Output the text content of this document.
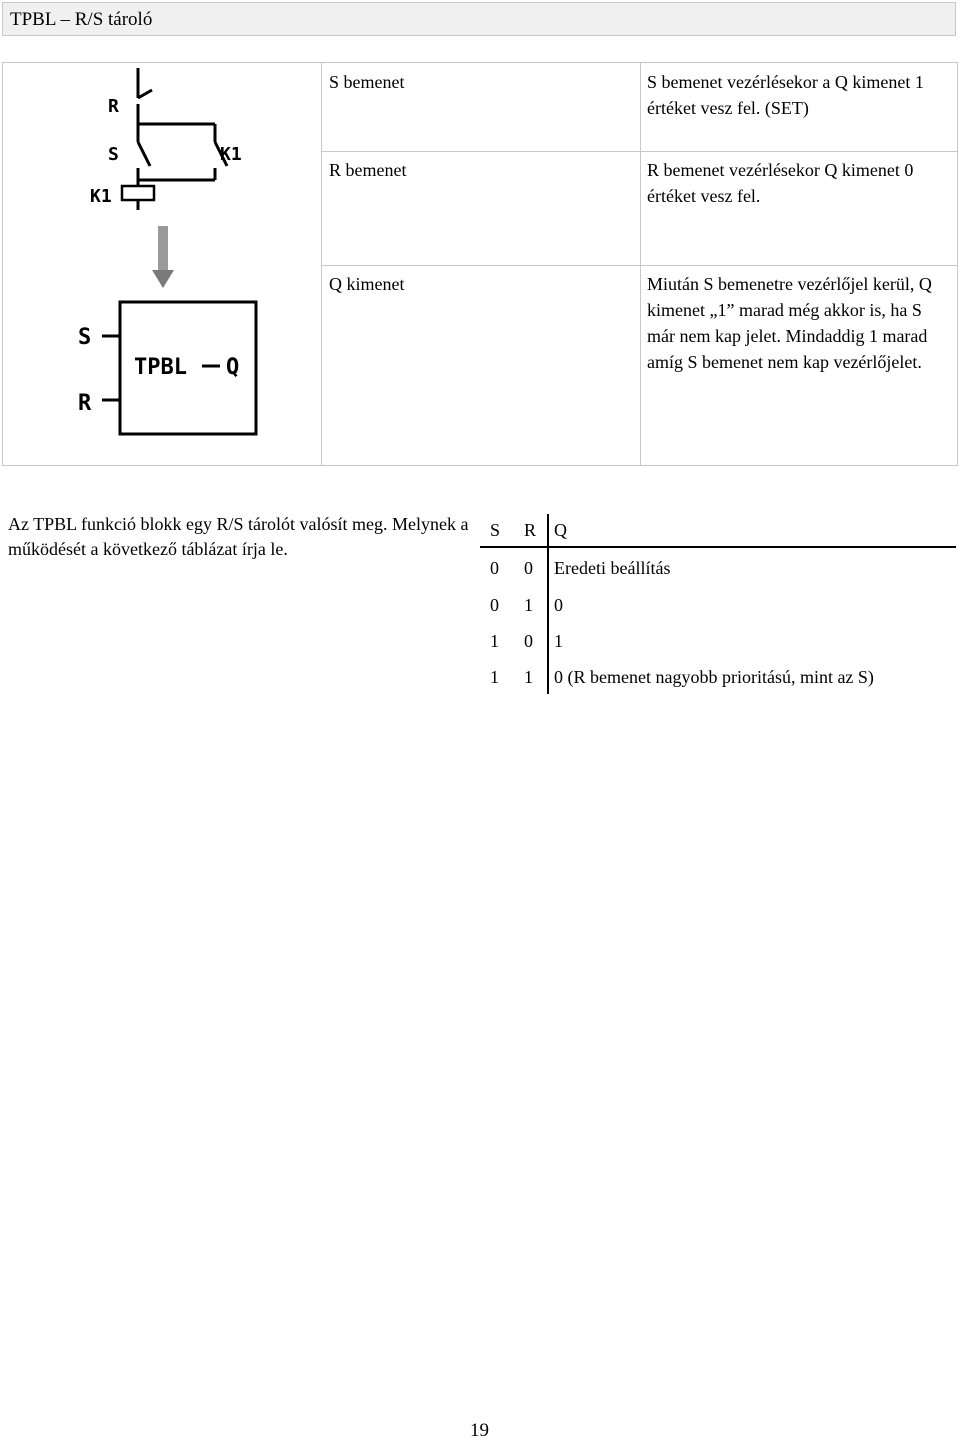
TPBL – R/S tároló
S bemenet	S bemenet vezérlésekor a Q kimenet 1 értéket vesz fel. (SET)
R bemenet	R bemenet vezérlésekor Q kimenet 0 értéket vesz fel.
Q kimenet	Miután S bemenetre vezérlőjel kerül, Q kimenet „1” marad még akkor is, ha S már nem kap jelet. Mindaddig 1 marad amíg S bemenet nem kap vezérlőjelet.
R
S	K1
K1
S
R
TPBL Q
Az TPBL funkció blokk egy R/S tárolót valósít meg. Melynek a működését a következő táblázat írja le.
S R Q
0 0 Eredeti beállítás
0 1 0
1 0 1
1 1 0 (R bemenet nagyobb prioritású, mint az S)
19
